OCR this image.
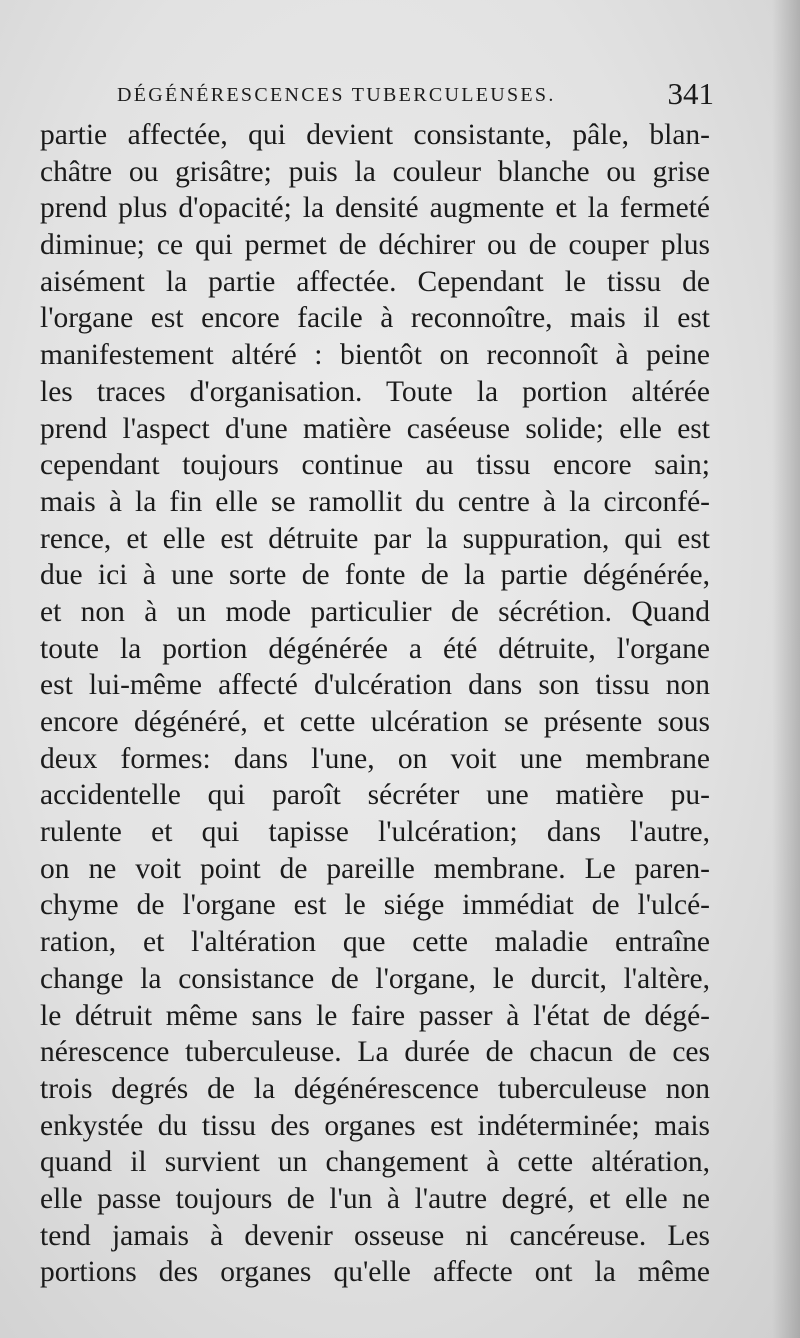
DÉGÉNÉRESCENCES TUBERCULEUSES.	341
partie affectée, qui devient consistante, pâle, blan-
châtre ou grisâtre; puis la couleur blanche ou grise
prend plus d'opacité; la densité augmente et la fermeté
diminue; ce qui permet de déchirer ou de couper plus
aisément la partie affectée. Cependant le tissu de
l'organe est encore facile à reconnoître, mais il est
manifestement altéré : bientôt on reconnoît à peine
les traces d'organisation. Toute la portion altérée
prend l'aspect d'une matière caséeuse solide; elle est
cependant toujours continue au tissu encore sain;
mais à la fin elle se ramollit du centre à la circonfé-
rence, et elle est détruite par la suppuration, qui est
due ici à une sorte de fonte de la partie dégénérée,
et non à un mode particulier de sécrétion. Quand
toute la portion dégénérée a été détruite, l'organe
est lui-même affecté d'ulcération dans son tissu non
encore dégénéré, et cette ulcération se présente sous
deux formes: dans l'une, on voit une membrane
accidentelle qui paroît sécréter une matière pu-
rulente et qui tapisse l'ulcération; dans l'autre,
on ne voit point de pareille membrane. Le paren-
chyme de l'organe est le siége immédiat de l'ulcé-
ration, et l'altération que cette maladie entraîne
change la consistance de l'organe, le durcit, l'altère,
le détruit même sans le faire passer à l'état de dégé-
nérescence tuberculeuse. La durée de chacun de ces
trois degrés de la dégénérescence tuberculeuse non
enkystée du tissu des organes est indéterminée; mais
quand il survient un changement à cette altération,
elle passe toujours de l'un à l'autre degré, et elle ne
tend jamais à devenir osseuse ni cancéreuse. Les
portions des organes qu'elle affecte ont la même
